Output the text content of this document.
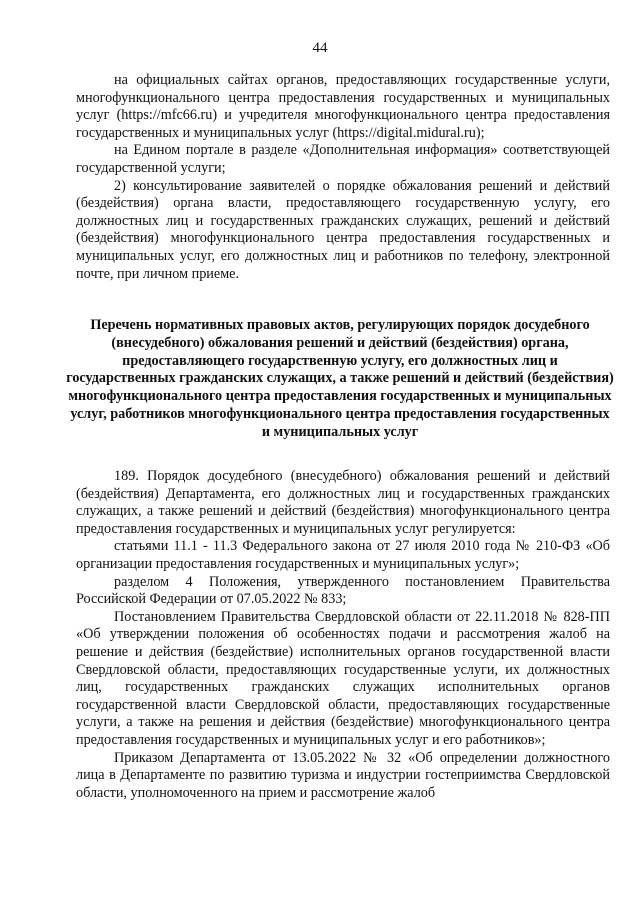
44

на официальных сайтах органов, предоставляющих государственные услуги, многофункционального центра предоставления государственных и муниципальных услуг (https://mfc66.ru) и учредителя многофункционального центра предоставления государственных и муниципальных услуг (https://digital.midural.ru);

на Едином портале в разделе «Дополнительная информация» соответствующей государственной услуги;

2) консультирование заявителей о порядке обжалования решений и действий (бездействия) органа власти, предоставляющего государственную услугу, его должностных лиц и государственных гражданских служащих, решений и действий (бездействия) многофункционального центра предоставления государственных и муниципальных услуг, его должностных лиц и работников по телефону, электронной почте, при личном приеме.

Перечень нормативных правовых актов, регулирующих порядок досудебного (внесудебного) обжалования решений и действий (бездействия) органа, предоставляющего государственную услугу, его должностных лиц и государственных гражданских служащих, а также решений и действий (бездействия) многофункционального центра предоставления государственных и муниципальных услуг, работников многофункционального центра предоставления государственных и муниципальных услуг

189. Порядок досудебного (внесудебного) обжалования решений и действий (бездействия) Департамента, его должностных лиц и государственных гражданских служащих, а также решений и действий (бездействия) многофункционального центра предоставления государственных и муниципальных услуг регулируется:

статьями 11.1 - 11.3 Федерального закона от 27 июля 2010 года № 210-ФЗ «Об организации предоставления государственных и муниципальных услуг»;

разделом 4 Положения, утвержденного постановлением Правительства Российской Федерации от 07.05.2022 № 833;

Постановлением Правительства Свердловской области от 22.11.2018 № 828-ПП «Об утверждении положения об особенностях подачи и рассмотрения жалоб на решение и действия (бездействие) исполнительных органов государственной власти Свердловской области, предоставляющих государственные услуги, их должностных лиц, государственных гражданских служащих исполнительных органов государственной власти Свердловской области, предоставляющих государственные услуги, а также на решения и действия (бездействие) многофункционального центра предоставления государственных и муниципальных услуг и его работников»;

Приказом Департамента от 13.05.2022 № 32 «Об определении должностного лица в Департаменте по развитию туризма и индустрии гостеприимства Свердловской области, уполномоченного на прием и рассмотрение жалоб
